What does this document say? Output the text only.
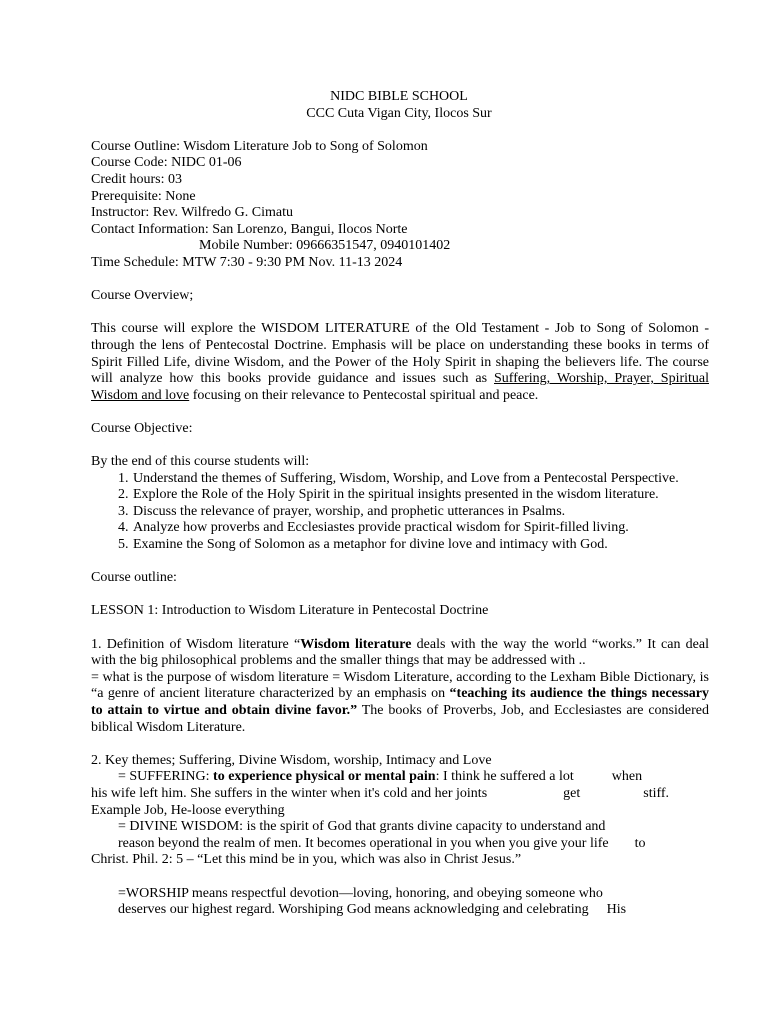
NIDC BIBLE SCHOOL
CCC Cuta Vigan City, Ilocos Sur
Course Outline: Wisdom Literature Job to Song of Solomon
Course Code: NIDC 01-06
Credit hours: 03
Prerequisite: None
Instructor: Rev. Wilfredo G. Cimatu
Contact Information: San Lorenzo, Bangui, Ilocos Norte
Mobile Number: 09666351547, 0940101402
Time Schedule: MTW 7:30 - 9:30 PM Nov. 11-13 2024
Course Overview;
This course will explore the WISDOM LITERATURE of the Old Testament - Job to Song of Solomon - through the lens of Pentecostal Doctrine. Emphasis will be place on understanding these books in terms of Spirit Filled Life, divine Wisdom, and the Power of the Holy Spirit in shaping the believers life. The course will analyze how this books provide guidance and issues such as Suffering, Worship, Prayer, Spiritual Wisdom and love focusing on their relevance to Pentecostal spiritual and peace.
Course Objective:
By the end of this course students will:
1. Understand the themes of Suffering, Wisdom, Worship, and Love from a Pentecostal Perspective.
2. Explore the Role of the Holy Spirit in the spiritual insights presented in the wisdom literature.
3. Discuss the relevance of prayer, worship, and prophetic utterances in Psalms.
4. Analyze how proverbs and Ecclesiastes provide practical wisdom for Spirit-filled living.
5. Examine the Song of Solomon as a metaphor for divine love and intimacy with God.
Course outline:
LESSON 1: Introduction to Wisdom Literature in Pentecostal Doctrine
1. Definition of Wisdom literature “Wisdom literature deals with the way the world “works.” It can deal with the big philosophical problems and the smaller things that may be addressed with ..
= what is the purpose of wisdom literature = Wisdom Literature, according to the Lexham Bible Dictionary, is “a genre of ancient literature characterized by an emphasis on “teaching its audience the things necessary to attain to virtue and obtain divine favor.” The books of Proverbs, Job, and Ecclesiastes are considered biblical Wisdom Literature.
2. Key themes; Suffering, Divine Wisdom, worship, Intimacy and Love
= SUFFERING: to experience physical or mental pain: I think he suffered a lot	when
his wife left him. She suffers in the winter when it's cold and her joints	get	stiff.
Example Job, He-loose everything
= DIVINE WISDOM: is the spirit of God that grants divine capacity to understand and
reason beyond the realm of men. It becomes operational in you when you give your life to
Christ. Phil. 2: 5 – “Let this mind be in you, which was also in Christ Jesus.”
=WORSHIP means respectful devotion—loving, honoring, and obeying someone who
deserves our highest regard. Worshiping God means acknowledging and celebrating His
